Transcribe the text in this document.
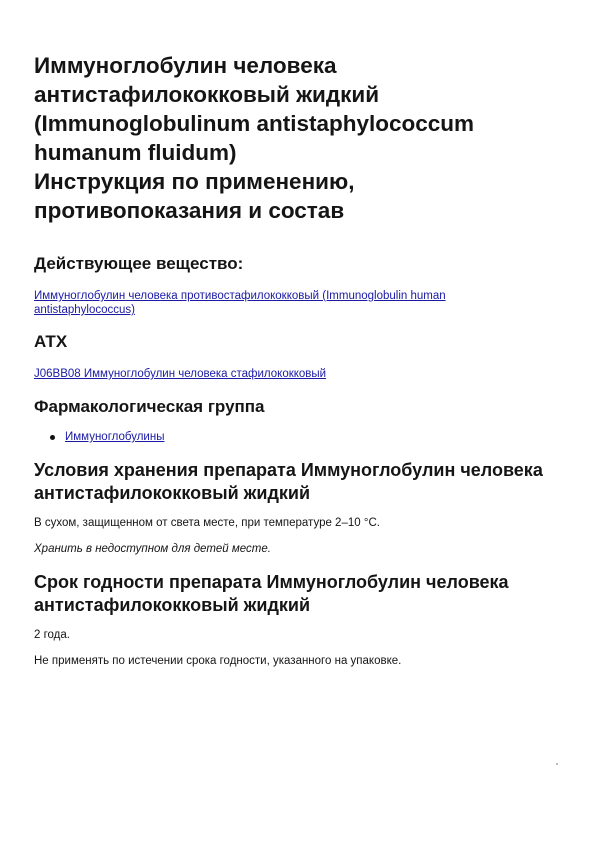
Иммуноглобулин человека
антистафилококковый жидкий
(Immunoglobulinum antistaphylococcum
humanum fluidum)
Инструкция по применению,
противопоказания и состав
Действующее вещество:
Иммуноглобулин человека противостафилококковый (Immunoglobulin human antistaphylococcus)
АТХ
J06BB08 Иммуноглобулин человека стафилококковый
Фармакологическая группа
Иммуноглобулины
Условия хранения препарата Иммуноглобулин человека антистафилококковый жидкий

В сухом, защищенном от света месте, при температуре 2–10 °C.

Хранить в недоступном для детей месте.

Срок годности препарата Иммуноглобулин человека антистафилококковый жидкий

2 года.

Не применять по истечении срока годности, указанного на упаковке.
